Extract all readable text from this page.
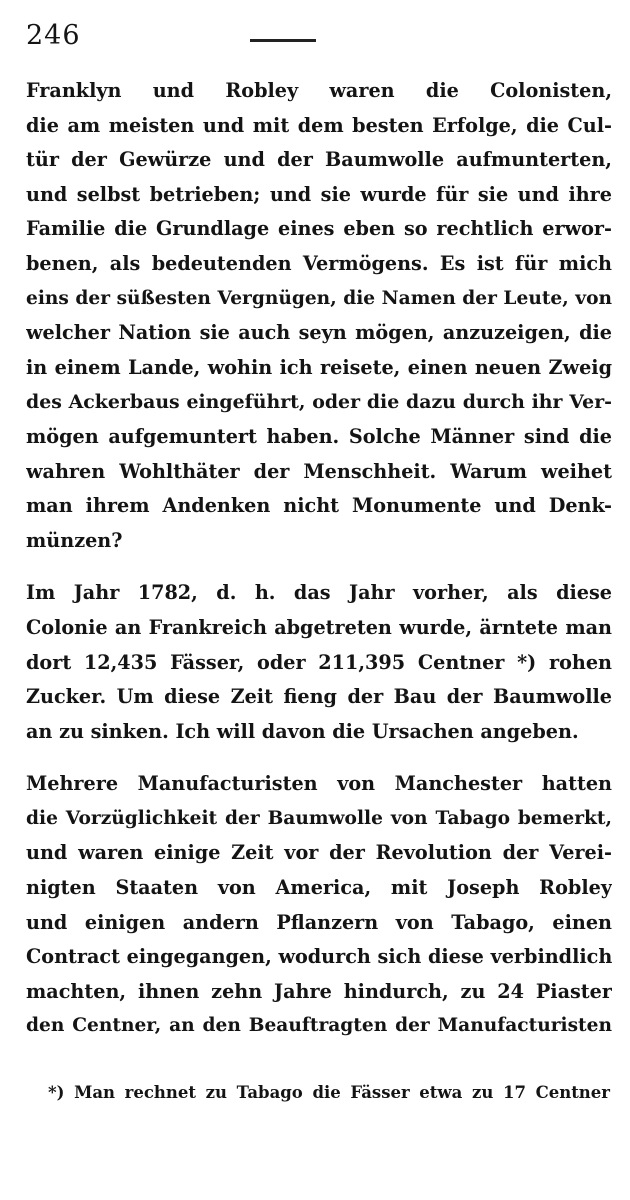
246
Franklyn und Robley waren die Colonisten,
die am meisten und mit dem besten Erfolge, die Cul-
tür der Gewürze und der Baumwolle aufmunterten,
und selbst betrieben; und sie wurde für sie und ihre
Familie die Grundlage eines eben so rechtlich erwor-
benen, als bedeutenden Vermögens. Es ist für mich
eins der süßesten Vergnügen, die Namen der Leute, von
welcher Nation sie auch seyn mögen, anzuzeigen, die
in einem Lande, wohin ich reisete, einen neuen Zweig
des Ackerbaus eingeführt, oder die dazu durch ihr Ver-
mögen aufgemuntert haben. Solche Männer sind die
wahren Wohlthäter der Menschheit. Warum weihet
man ihrem Andenken nicht Monumente und Denk-
münzen?
Im Jahr 1782, d. h. das Jahr vorher, als diese
Colonie an Frankreich abgetreten wurde, ärntete man
dort 12,435 Fässer, oder 211,395 Centner *) rohen
Zucker. Um diese Zeit fieng der Bau der Baumwolle
an zu sinken. Ich will davon die Ursachen angeben.
Mehrere Manufacturisten von Manchester hatten
die Vorzüglichkeit der Baumwolle von Tabago bemerkt,
und waren einige Zeit vor der Revolution der Verei-
nigten Staaten von America, mit Joseph Robley
und einigen andern Pflanzern von Tabago, einen
Contract eingegangen, wodurch sich diese verbindlich
machten, ihnen zehn Jahre hindurch, zu 24 Piaster
den Centner, an den Beauftragten der Manufacturisten
*) Man rechnet zu Tabago die Fässer etwa zu 17 Centner
